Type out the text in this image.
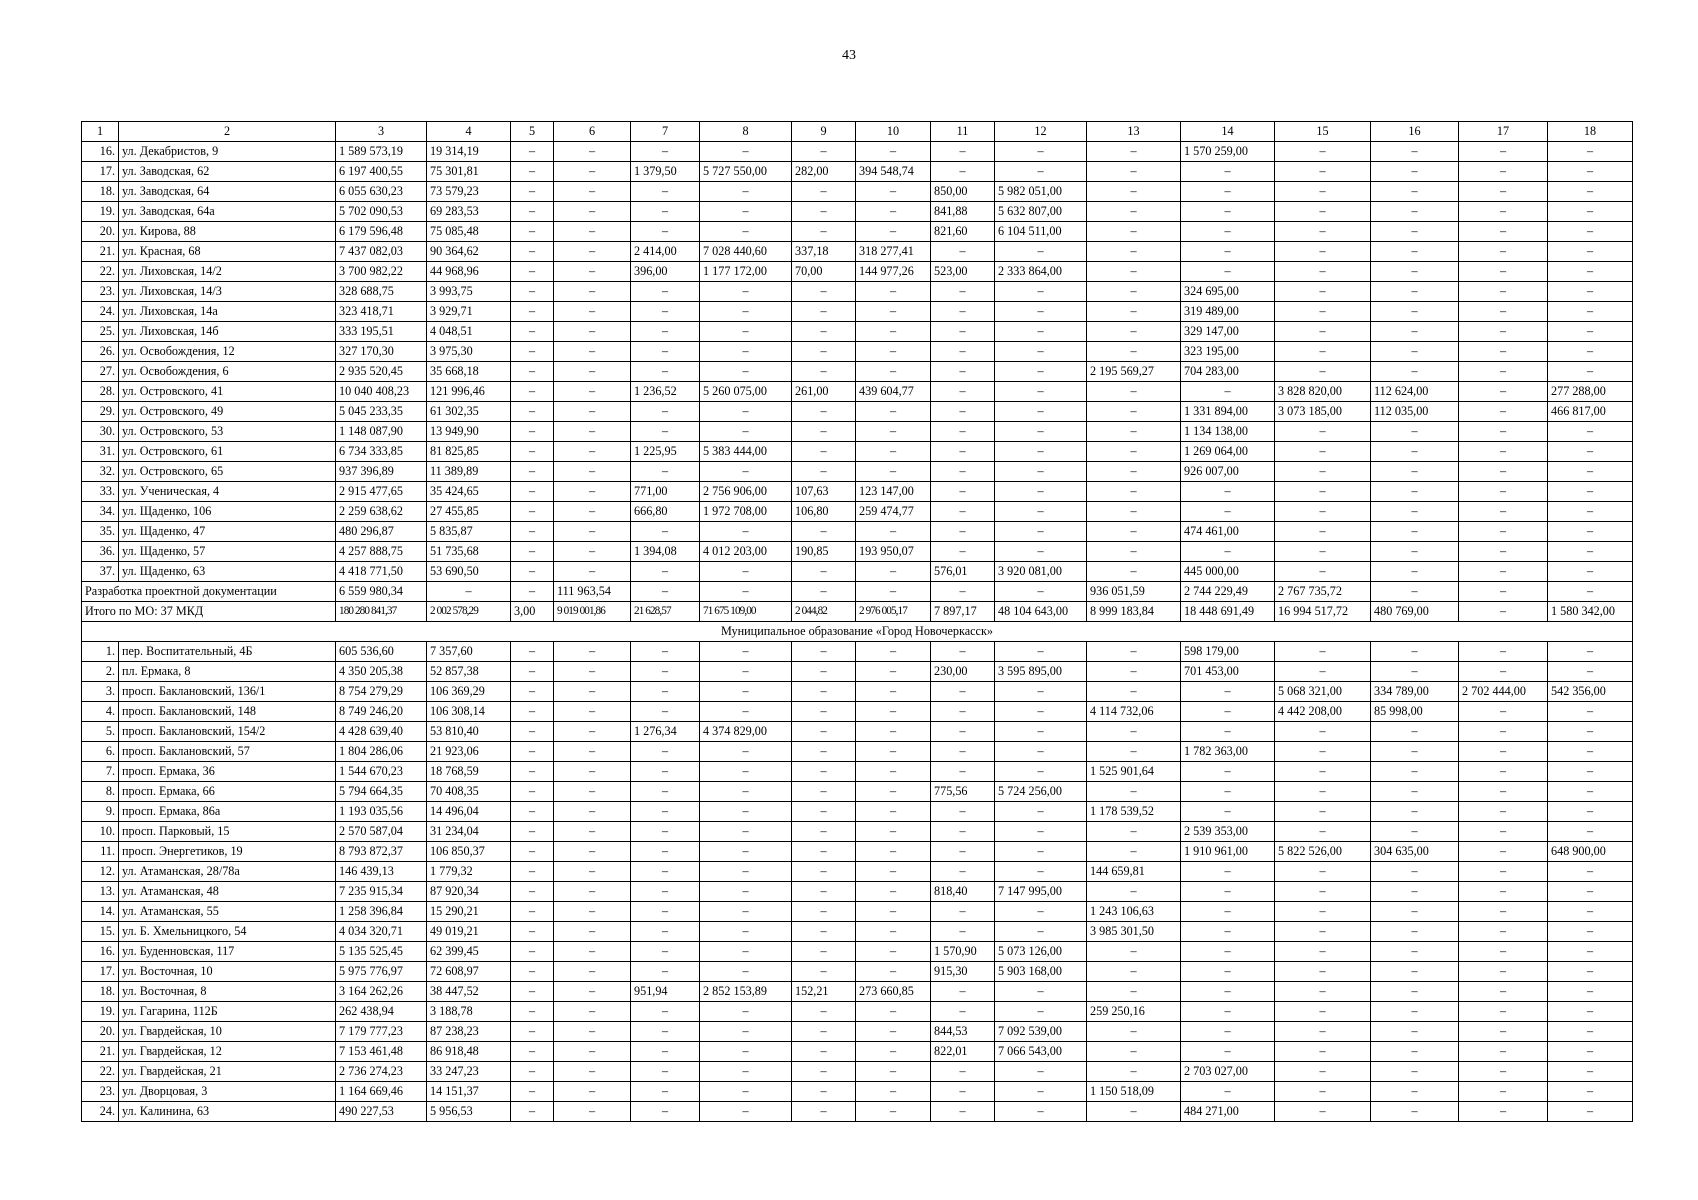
43
1	2	3	4	5	6	7	8	9	10	11	12	13	14	15	16	17	18
16.	ул. Декабристов, 9	1 589 573,19	19 314,19	–	–	–	–	–	–	–	–	–	1 570 259,00	–	–	–	–
17.	ул. Заводская, 62	6 197 400,55	75 301,81	–	–	1 379,50	5 727 550,00	282,00	394 548,74	–	–	–	–	–	–	–	–
18.	ул. Заводская, 64	6 055 630,23	73 579,23	–	–	–	–	–	–	850,00	5 982 051,00	–	–	–	–	–	–
19.	ул. Заводская, 64а	5 702 090,53	69 283,53	–	–	–	–	–	–	841,88	5 632 807,00	–	–	–	–	–	–
20.	ул. Кирова, 88	6 179 596,48	75 085,48	–	–	–	–	–	–	821,60	6 104 511,00	–	–	–	–	–	–
21.	ул. Красная, 68	7 437 082,03	90 364,62	–	–	2 414,00	7 028 440,60	337,18	318 277,41	–	–	–	–	–	–	–	–
22.	ул. Лиховская, 14/2	3 700 982,22	44 968,96	–	–	396,00	1 177 172,00	70,00	144 977,26	523,00	2 333 864,00	–	–	–	–	–	–
23.	ул. Лиховская, 14/3	328 688,75	3 993,75	–	–	–	–	–	–	–	–	–	324 695,00	–	–	–	–
24.	ул. Лиховская, 14а	323 418,71	3 929,71	–	–	–	–	–	–	–	–	–	319 489,00	–	–	–	–
25.	ул. Лиховская, 14б	333 195,51	4 048,51	–	–	–	–	–	–	–	–	–	329 147,00	–	–	–	–
26.	ул. Освобождения, 12	327 170,30	3 975,30	–	–	–	–	–	–	–	–	–	323 195,00	–	–	–	–
27.	ул. Освобождения, 6	2 935 520,45	35 668,18	–	–	–	–	–	–	–	–	2 195 569,27	704 283,00	–	–	–	–
28.	ул. Островского, 41	10 040 408,23	121 996,46	–	–	1 236,52	5 260 075,00	261,00	439 604,77	–	–	–	–	3 828 820,00	112 624,00	–	277 288,00
29.	ул. Островского, 49	5 045 233,35	61 302,35	–	–	–	–	–	–	–	–	–	1 331 894,00	3 073 185,00	112 035,00	–	466 817,00
30.	ул. Островского, 53	1 148 087,90	13 949,90	–	–	–	–	–	–	–	–	–	1 134 138,00	–	–	–	–
31.	ул. Островского, 61	6 734 333,85	81 825,85	–	–	1 225,95	5 383 444,00	–	–	–	–	–	1 269 064,00	–	–	–	–
32.	ул. Островского, 65	937 396,89	11 389,89	–	–	–	–	–	–	–	–	–	926 007,00	–	–	–	–
33.	ул. Ученическая, 4	2 915 477,65	35 424,65	–	–	771,00	2 756 906,00	107,63	123 147,00	–	–	–	–	–	–	–	–
34.	ул. Щаденко, 106	2 259 638,62	27 455,85	–	–	666,80	1 972 708,00	106,80	259 474,77	–	–	–	–	–	–	–	–
35.	ул. Щаденко, 47	480 296,87	5 835,87	–	–	–	–	–	–	–	–	–	474 461,00	–	–	–	–
36.	ул. Щаденко, 57	4 257 888,75	51 735,68	–	–	1 394,08	4 012 203,00	190,85	193 950,07	–	–	–	–	–	–	–	–
37.	ул. Щаденко, 63	4 418 771,50	53 690,50	–	–	–	–	–	–	576,01	3 920 081,00	–	445 000,00	–	–	–	–
Разработка проектной документации		6 559 980,34	–	–	111 963,54	–	–	–	–	–	–	936 051,59	2 744 229,49	2 767 735,72	–	–	–
Итого по МО: 37 МКД		180 280 841,37	2 002 578,29	3,00	9 019 001,86	21 628,57	71 675 109,00	2 044,82	2 976 005,17	7 897,17	48 104 643,00	8 999 183,84	18 448 691,49	16 994 517,72	480 769,00	–	1 580 342,00
Муниципальное образование «Город Новочеркасск»																	
1.	пер. Воспитательный, 4Б	605 536,60	7 357,60	–	–	–	–	–	–	–	–	–	598 179,00	–	–	–	–
2.	пл. Ермака, 8	4 350 205,38	52 857,38	–	–	–	–	–	–	230,00	3 595 895,00	–	701 453,00	–	–	–	–
3.	просп. Баклановский, 136/1	8 754 279,29	106 369,29	–	–	–	–	–	–	–	–	–	–	5 068 321,00	334 789,00	2 702 444,00	542 356,00
4.	просп. Баклановский, 148	8 749 246,20	106 308,14	–	–	–	–	–	–	–	–	4 114 732,06	–	4 442 208,00	85 998,00	–	–
5.	просп. Баклановский, 154/2	4 428 639,40	53 810,40	–	–	1 276,34	4 374 829,00	–	–	–	–	–	–	–	–	–	–
6.	просп. Баклановский, 57	1 804 286,06	21 923,06	–	–	–	–	–	–	–	–	–	1 782 363,00	–	–	–	–
7.	просп. Ермака, 36	1 544 670,23	18 768,59	–	–	–	–	–	–	–	–	1 525 901,64	–	–	–	–	–
8.	просп. Ермака, 66	5 794 664,35	70 408,35	–	–	–	–	–	–	775,56	5 724 256,00	–	–	–	–	–	–
9.	просп. Ермака, 86а	1 193 035,56	14 496,04	–	–	–	–	–	–	–	–	1 178 539,52	–	–	–	–	–
10.	просп. Парковый, 15	2 570 587,04	31 234,04	–	–	–	–	–	–	–	–	–	2 539 353,00	–	–	–	–
11.	просп. Энергетиков, 19	8 793 872,37	106 850,37	–	–	–	–	–	–	–	–	–	1 910 961,00	5 822 526,00	304 635,00	–	648 900,00
12.	ул. Атаманская, 28/78а	146 439,13	1 779,32	–	–	–	–	–	–	–	–	144 659,81	–	–	–	–	–
13.	ул. Атаманская, 48	7 235 915,34	87 920,34	–	–	–	–	–	–	818,40	7 147 995,00	–	–	–	–	–	–
14.	ул. Атаманская, 55	1 258 396,84	15 290,21	–	–	–	–	–	–	–	–	1 243 106,63	–	–	–	–	–
15.	ул. Б. Хмельницкого, 54	4 034 320,71	49 019,21	–	–	–	–	–	–	–	–	3 985 301,50	–	–	–	–	–
16.	ул. Буденновская, 117	5 135 525,45	62 399,45	–	–	–	–	–	–	1 570,90	5 073 126,00	–	–	–	–	–	–
17.	ул. Восточная, 10	5 975 776,97	72 608,97	–	–	–	–	–	–	915,30	5 903 168,00	–	–	–	–	–	–
18.	ул. Восточная, 8	3 164 262,26	38 447,52	–	–	951,94	2 852 153,89	152,21	273 660,85	–	–	–	–	–	–	–	–
19.	ул. Гагарина, 112Б	262 438,94	3 188,78	–	–	–	–	–	–	–	–	259 250,16	–	–	–	–	–
20.	ул. Гвардейская, 10	7 179 777,23	87 238,23	–	–	–	–	–	–	844,53	7 092 539,00	–	–	–	–	–	–
21.	ул. Гвардейская, 12	7 153 461,48	86 918,48	–	–	–	–	–	–	822,01	7 066 543,00	–	–	–	–	–	–
22.	ул. Гвардейская, 21	2 736 274,23	33 247,23	–	–	–	–	–	–	–	–	–	2 703 027,00	–	–	–	–
23.	ул. Дворцовая, 3	1 164 669,46	14 151,37	–	–	–	–	–	–	–	–	1 150 518,09	–	–	–	–	–
24.	ул. Калинина, 63	490 227,53	5 956,53	–	–	–	–	–	–	–	–	–	484 271,00	–	–	–	–
